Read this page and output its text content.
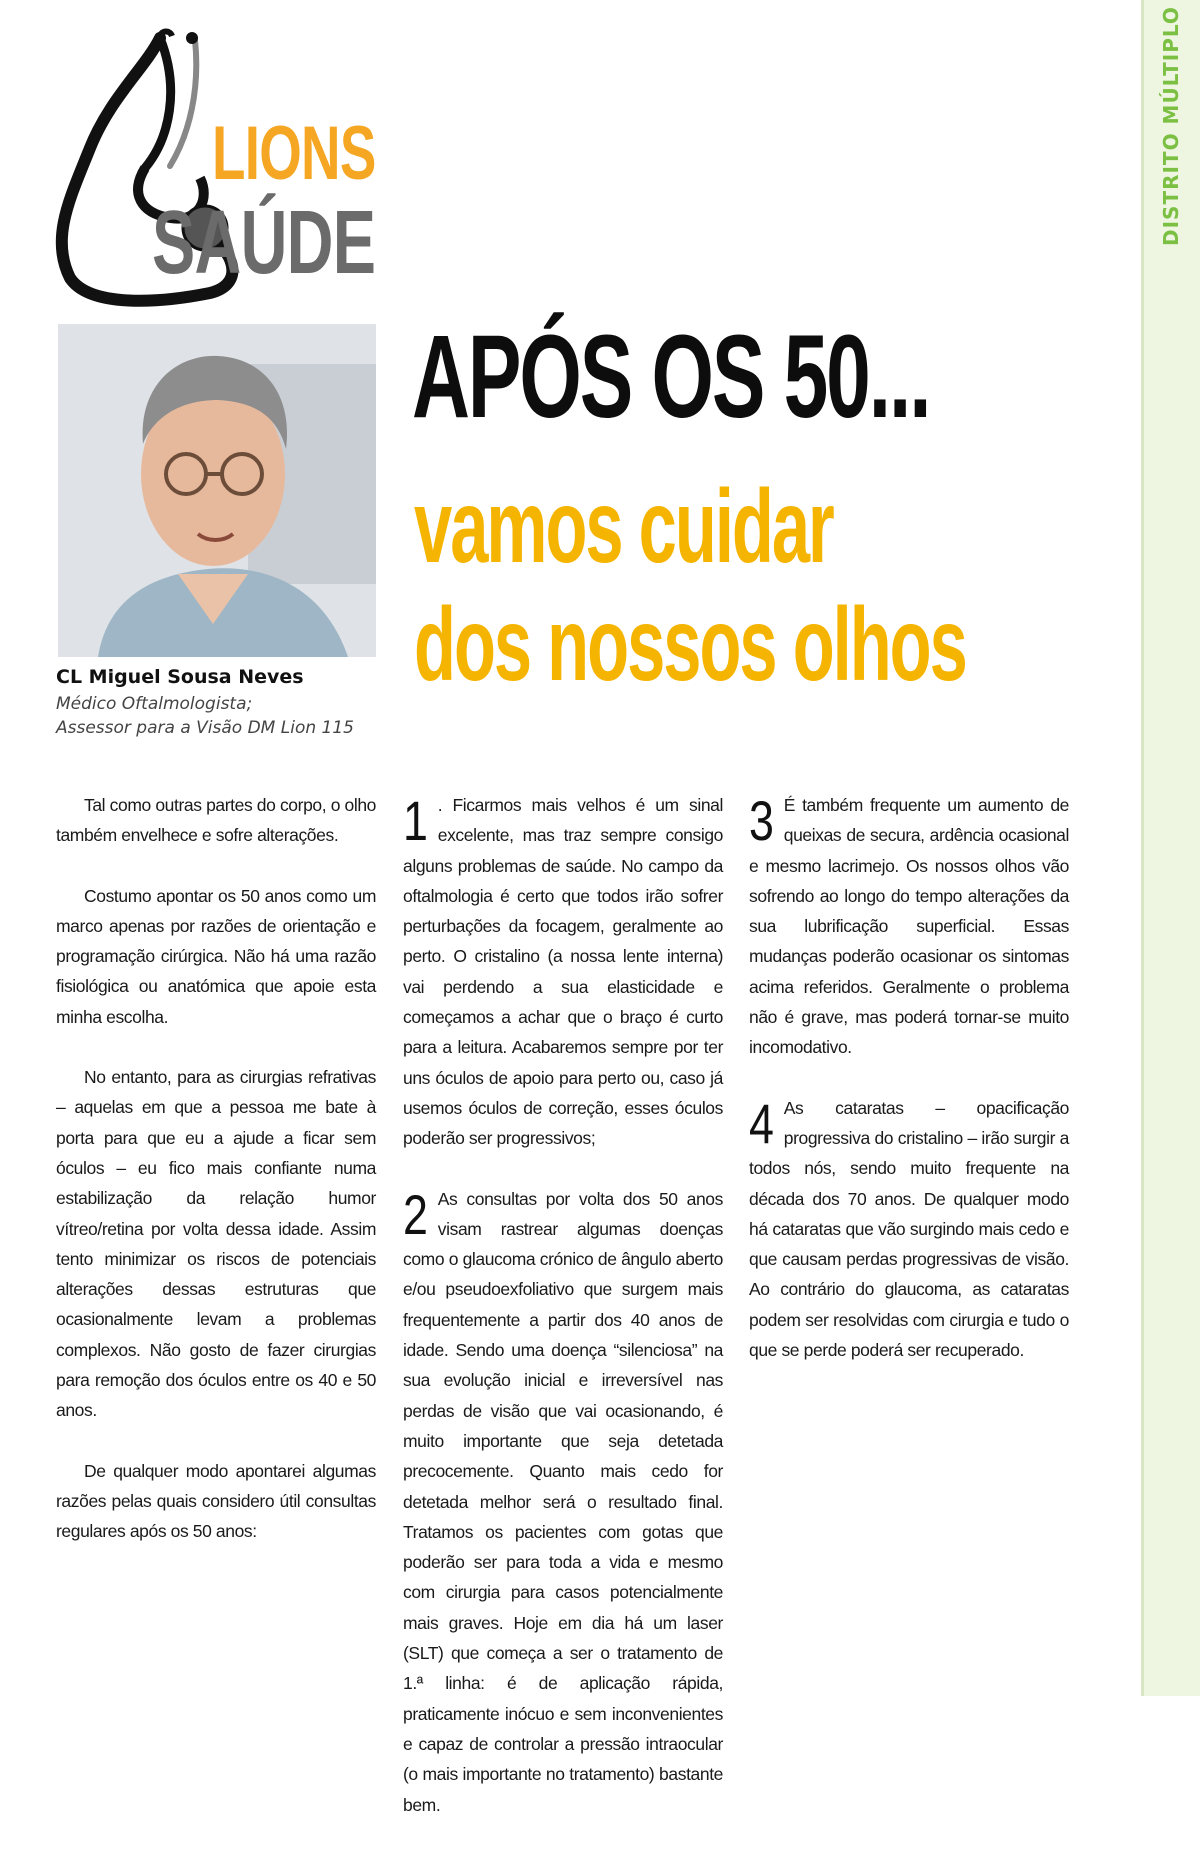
DISTRITO MÚLTIPLO
LIONS
SAÚDE
CL Miguel Sousa Neves
Médico Oftalmologista;
Assessor para a Visão DM Lion 115
APÓS OS 50...
vamos cuidar
dos nossos olhos

Tal como outras partes do corpo, o olho também envelhece e sofre alterações.

Costumo apontar os 50 anos como um marco apenas por razões de orientação e programação cirúrgica. Não há uma razão fisiológica ou anatómica que apoie esta minha escolha.

No entanto, para as cirurgias refrativas – aquelas em que a pessoa me bate à porta para que eu a ajude a ficar sem óculos – eu fico mais confiante numa estabilização da relação humor vítreo/retina por volta dessa idade. Assim tento minimizar os riscos de potenciais alterações dessas estruturas que ocasionalmente levam a problemas complexos. Não gosto de fazer cirurgias para remoção dos óculos entre os 40 e 50 anos.

De qualquer modo apontarei algumas razões pelas quais considero útil consultas regulares após os 50 anos:

1 . Ficarmos mais velhos é um sinal excelente, mas traz sempre consigo alguns problemas de saúde. No campo da oftalmologia é certo que todos irão sofrer perturbações da focagem, geralmente ao perto. O cristalino (a nossa lente interna) vai perdendo a sua elasticidade e começamos a achar que o braço é curto para a leitura. Acabaremos sempre por ter uns óculos de apoio para perto ou, caso já usemos óculos de correção, esses óculos poderão ser progressivos;

2 As consultas por volta dos 50 anos visam rastrear algumas doenças como o glaucoma crónico de ângulo aberto e/ou pseudoexfoliativo que surgem mais frequentemente a partir dos 40 anos de idade. Sendo uma doença “silenciosa” na sua evolução inicial e irreversível nas perdas de visão que vai ocasionando, é muito importante que seja detetada precocemente. Quanto mais cedo for detetada melhor será o resultado final. Tratamos os pacientes com gotas que poderão ser para toda a vida e mesmo com cirurgia para casos potencialmente mais graves. Hoje em dia há um laser (SLT) que começa a ser o tratamento de 1.ª linha: é de aplicação rápida, praticamente inócuo e sem inconvenientes e capaz de controlar a pressão intraocular (o mais importante no tratamento) bastante bem.

3 É também frequente um aumento de queixas de secura, ardência ocasional e mesmo lacrimejo. Os nossos olhos vão sofrendo ao longo do tempo alterações da sua lubrificação superficial. Essas mudanças poderão ocasionar os sintomas acima referidos. Geralmente o problema não é grave, mas poderá tornar-se muito incomodativo.

4 As cataratas – opacificação progressiva do cristalino – irão surgir a todos nós, sendo muito frequente na década dos 70 anos. De qualquer modo há cataratas que vão surgindo mais cedo e que causam perdas progressivas de visão. Ao contrário do glaucoma, as cataratas podem ser resolvidas com cirurgia e tudo o que se perde poderá ser recuperado.
